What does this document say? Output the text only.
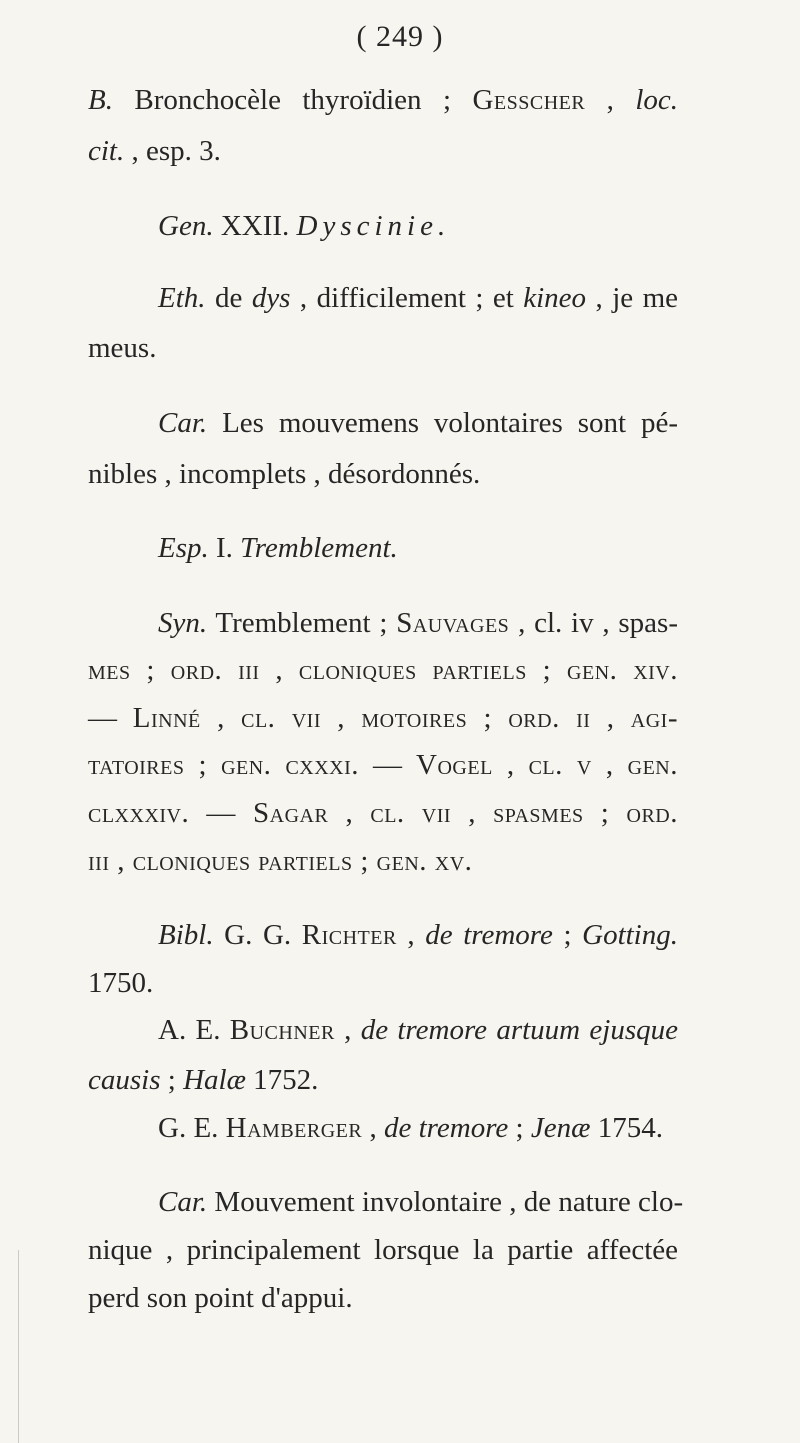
( 249 )
B. Bronchocèle thyroïdien ; Gesscher , loc.
cit. , esp. 3.
Gen. XXII. Dyscinie.
Eth. de dys , difficilement ; et kineo , je me
meus.
Car. Les mouvemens volontaires sont pé-
nibles , incomplets , désordonnés.
Esp. I. Tremblement.
Syn. Tremblement ; Sauvages , cl. iv , spas-
mes ; ord. iii , cloniques partiels ; gen. xiv.
— Linné , cl. vii , motoires ; ord. ii , agi-
tatoires ; gen. cxxxi. — Vogel , cl. v , gen.
clxxxiv. — Sagar , cl. vii , spasmes ; ord.
iii , cloniques partiels ; gen. xv.
Bibl. G. G. Richter , de tremore ; Gotting.
1750.
A. E. Buchner , de tremore artuum ejusque
causis ; Halæ 1752.
G. E. Hamberger , de tremore ; Jenæ 1754.
Car. Mouvement involontaire , de nature clo-
nique , principalement lorsque la partie affectée
perd son point d'appui.
